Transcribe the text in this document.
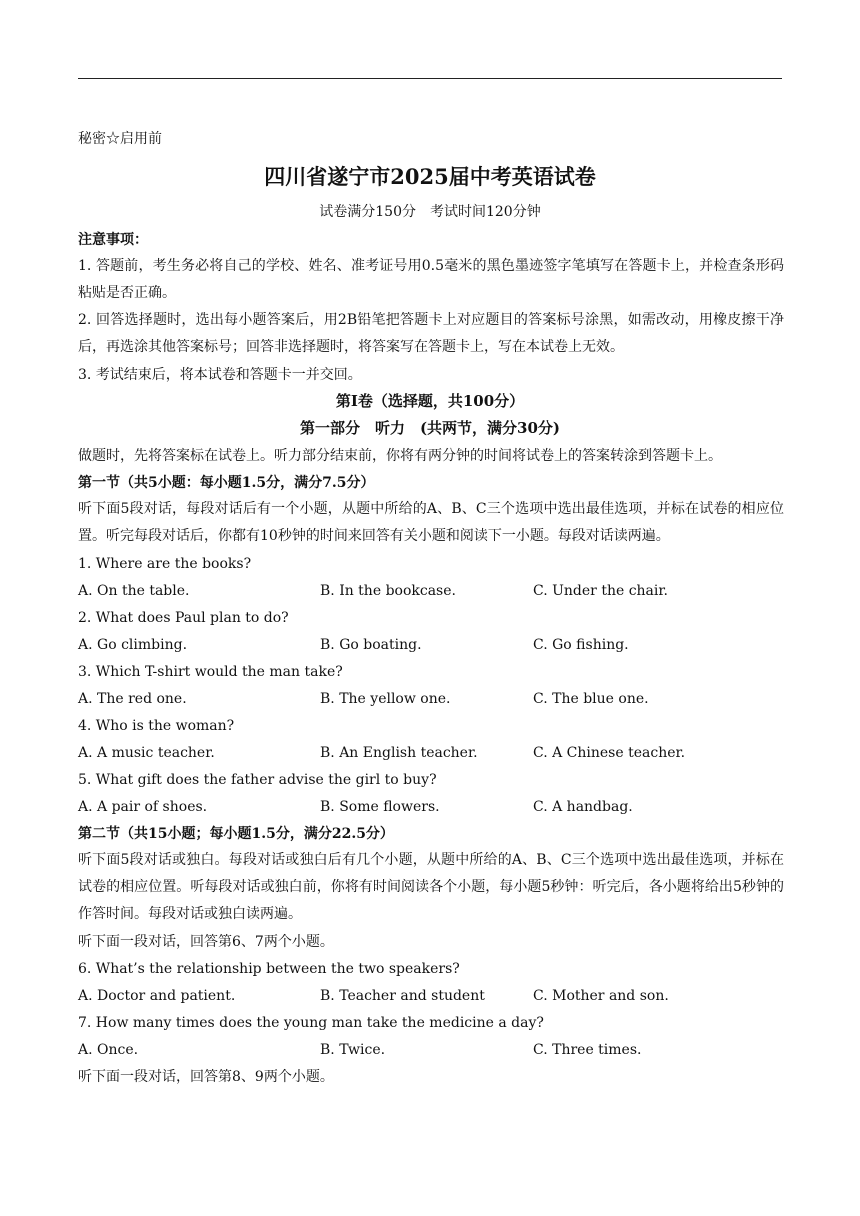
秘密☆启用前
四川省遂宁市2025届中考英语试卷
试卷满分150分　考试时间120分钟
注意事项：
1. 答题前，考生务必将自己的学校、姓名、准考证号用0.5毫米的黑色墨迹签字笔填写在答题卡上，并检查条形码粘贴是否正确。
2. 回答选择题时，选出每小题答案后，用2B铅笔把答题卡上对应题目的答案标号涂黑，如需改动，用橡皮擦干净后，再选涂其他答案标号；回答非选择题时，将答案写在答题卡上，写在本试卷上无效。
3. 考试结束后，将本试卷和答题卡一并交回。
第I卷（选择题，共100分）
第一部分　听力　(共两节，满分30分)
做题时，先将答案标在试卷上。听力部分结束前，你将有两分钟的时间将试卷上的答案转涂到答题卡上。
第一节（共5小题：每小题1.5分，满分7.5分）
听下面5段对话，每段对话后有一个小题，从题中所给的A、B、C三个选项中选出最佳选项，并标在试卷的相应位置。听完每段对话后，你都有10秒钟的时间来回答有关小题和阅读下一小题。每段对话读两遍。
1. Where are the books?
A. On the table.	B. In the bookcase.	C. Under the chair.
2. What does Paul plan to do?
A. Go climbing.	B. Go boating.	C. Go fishing.
3. Which T-shirt would the man take?
A. The red one.	B. The yellow one.	C. The blue one.
4. Who is the woman?
A. A music teacher.	B. An English teacher.	C. A Chinese teacher.
5. What gift does the father advise the girl to buy?
A. A pair of shoes.	B. Some flowers.	C. A handbag.
第二节（共15小题；每小题1.5分，满分22.5分）
听下面5段对话或独白。每段对话或独白后有几个小题，从题中所给的A、B、C三个选项中选出最佳选项，并标在试卷的相应位置。听每段对话或独白前，你将有时间阅读各个小题，每小题5秒钟：听完后，各小题将给出5秒钟的作答时间。每段对话或独白读两遍。
听下面一段对话，回答第6、7两个小题。
6. What’s the relationship between the two speakers?
A. Doctor and patient.	B. Teacher and student	C. Mother and son.
7. How many times does the young man take the medicine a day?
A. Once.	B. Twice.	C. Three times.
听下面一段对话，回答第8、9两个小题。
